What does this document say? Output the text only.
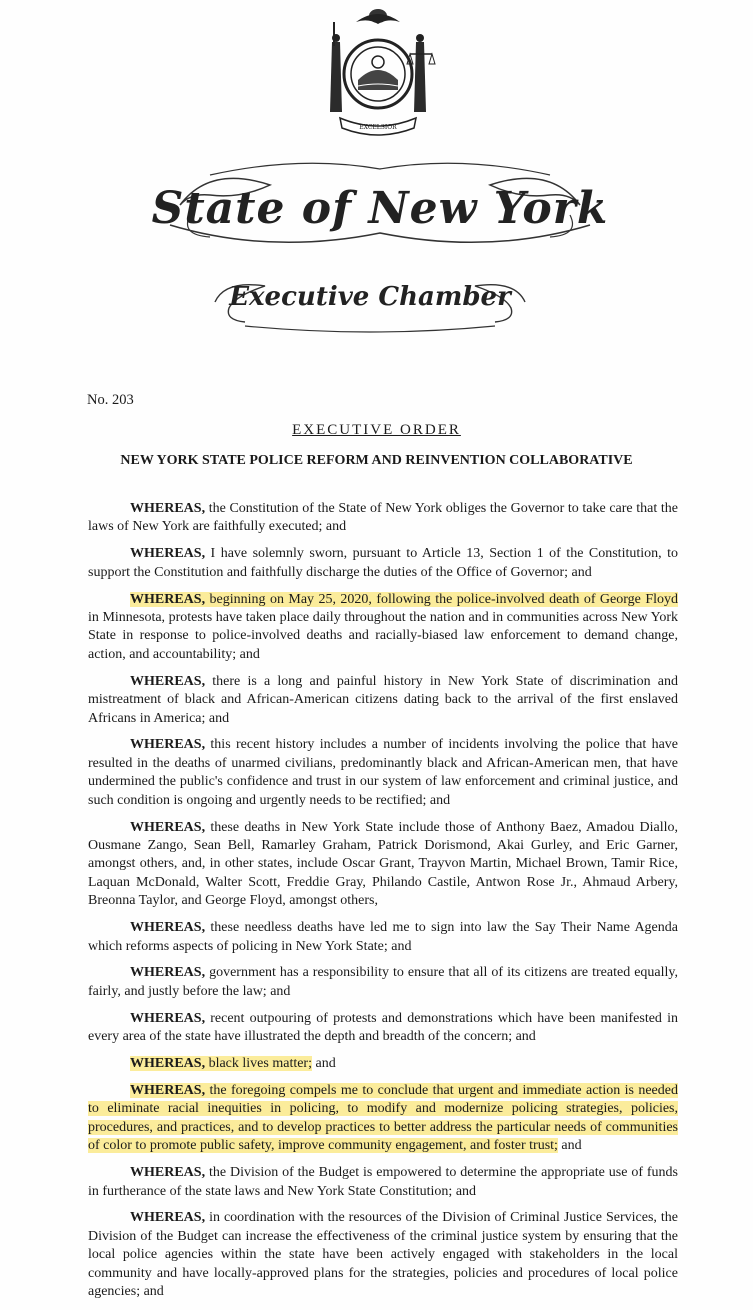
EXCELSIOR
State of New York
Executive Chamber
No. 203
EXECUTIVE ORDER
NEW YORK STATE POLICE REFORM AND REINVENTION COLLABORATIVE

WHEREAS, the Constitution of the State of New York obliges the Governor to take care that the laws of New York are faithfully executed; and

WHEREAS, I have solemnly sworn, pursuant to Article 13, Section 1 of the Constitution, to support the Constitution and faithfully discharge the duties of the Office of Governor; and

WHEREAS, beginning on May 25, 2020, following the police-involved death of George Floyd in Minnesota, protests have taken place daily throughout the nation and in communities across New York State in response to police-involved deaths and racially-biased law enforcement to demand change, action, and accountability; and

WHEREAS, there is a long and painful history in New York State of discrimination and mistreatment of black and African-American citizens dating back to the arrival of the first enslaved Africans in America; and

WHEREAS, this recent history includes a number of incidents involving the police that have resulted in the deaths of unarmed civilians, predominantly black and African-American men, that have undermined the public's confidence and trust in our system of law enforcement and criminal justice, and such condition is ongoing and urgently needs to be rectified; and

WHEREAS, these deaths in New York State include those of Anthony Baez, Amadou Diallo, Ousmane Zango, Sean Bell, Ramarley Graham, Patrick Dorismond, Akai Gurley, and Eric Garner, amongst others, and, in other states, include Oscar Grant, Trayvon Martin, Michael Brown, Tamir Rice, Laquan McDonald, Walter Scott, Freddie Gray, Philando Castile, Antwon Rose Jr., Ahmaud Arbery, Breonna Taylor, and George Floyd, amongst others,

WHEREAS, these needless deaths have led me to sign into law the Say Their Name Agenda which reforms aspects of policing in New York State; and

WHEREAS, government has a responsibility to ensure that all of its citizens are treated equally, fairly, and justly before the law; and

WHEREAS, recent outpouring of protests and demonstrations which have been manifested in every area of the state have illustrated the depth and breadth of the concern; and

WHEREAS, black lives matter; and

WHEREAS, the foregoing compels me to conclude that urgent and immediate action is needed to eliminate racial inequities in policing, to modify and modernize policing strategies, policies, procedures, and practices, and to develop practices to better address the particular needs of communities of color to promote public safety, improve community engagement, and foster trust; and

WHEREAS, the Division of the Budget is empowered to determine the appropriate use of funds in furtherance of the state laws and New York State Constitution; and

WHEREAS, in coordination with the resources of the Division of Criminal Justice Services, the Division of the Budget can increase the effectiveness of the criminal justice system by ensuring that the local police agencies within the state have been actively engaged with stakeholders in the local community and have locally-approved plans for the strategies, policies and procedures of local police agencies; and
